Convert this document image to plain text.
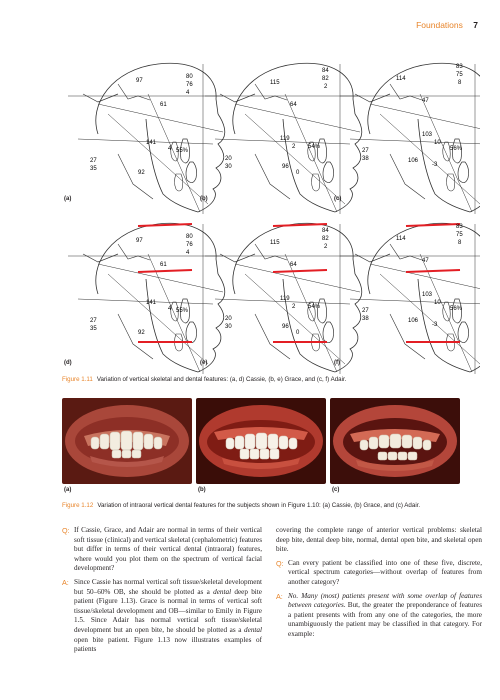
Foundations 7
97
80
76
4
61
141
4 55%
27
35
92
84
82
2
115
64
119
2 54%
20
30	96
0
83
75
8
114
47
103
10
56%
27
38	106
-3
97
80
76
4
61
141
4 55%
27
35
92
84
82
2
115
64
119
2 54%
20
30	96
0
83
75
8
114
47
103
10
56%
27
38	106
-3
(a)	(b)	(c)
(d)	(e)	(f)
Figure 1.11 Variation of vertical skeletal and dental features: (a, d) Cassie, (b, e) Grace, and (c, f) Adair.
(a)	(b)	(c)
Figure 1.12 Variation of intraoral vertical dental features for the subjects shown in Figure 1.10: (a) Cassie, (b) Grace, and (c) Adair.
Q: If Cassie, Grace, and Adair are normal in terms of their vertical soft tissue (clinical) and vertical skeletal (cephalometric) features but differ in terms of their vertical dental (intraoral) features, where would you plot them on the spectrum of vertical facial development?
A: Since Cassie has normal vertical soft tissue/skeletal development but 50–60% OB, she should be plotted as a dental deep bite patient (Figure 1.13). Grace is normal in terms of vertical soft tissue/skeletal development and OB—similar to Emily in Figure 1.5. Since Adair has normal vertical soft tissue/skeletal development but an open bite, he should be plotted as a dental open bite patient. Figure 1.13 now illustrates examples of patients
covering the complete range of anterior vertical problems: skeletal deep bite, dental deep bite, normal, dental open bite, and skeletal open bite.
Q: Can every patient be classified into one of these five, discrete, vertical spectrum categories—without overlap of features from another category?
A: No. Many (most) patients present with some overlap of features between categories. But, the greater the preponderance of features a patient presents with from any one of the categories, the more unambiguously the patient may be classified in that category. For example:
